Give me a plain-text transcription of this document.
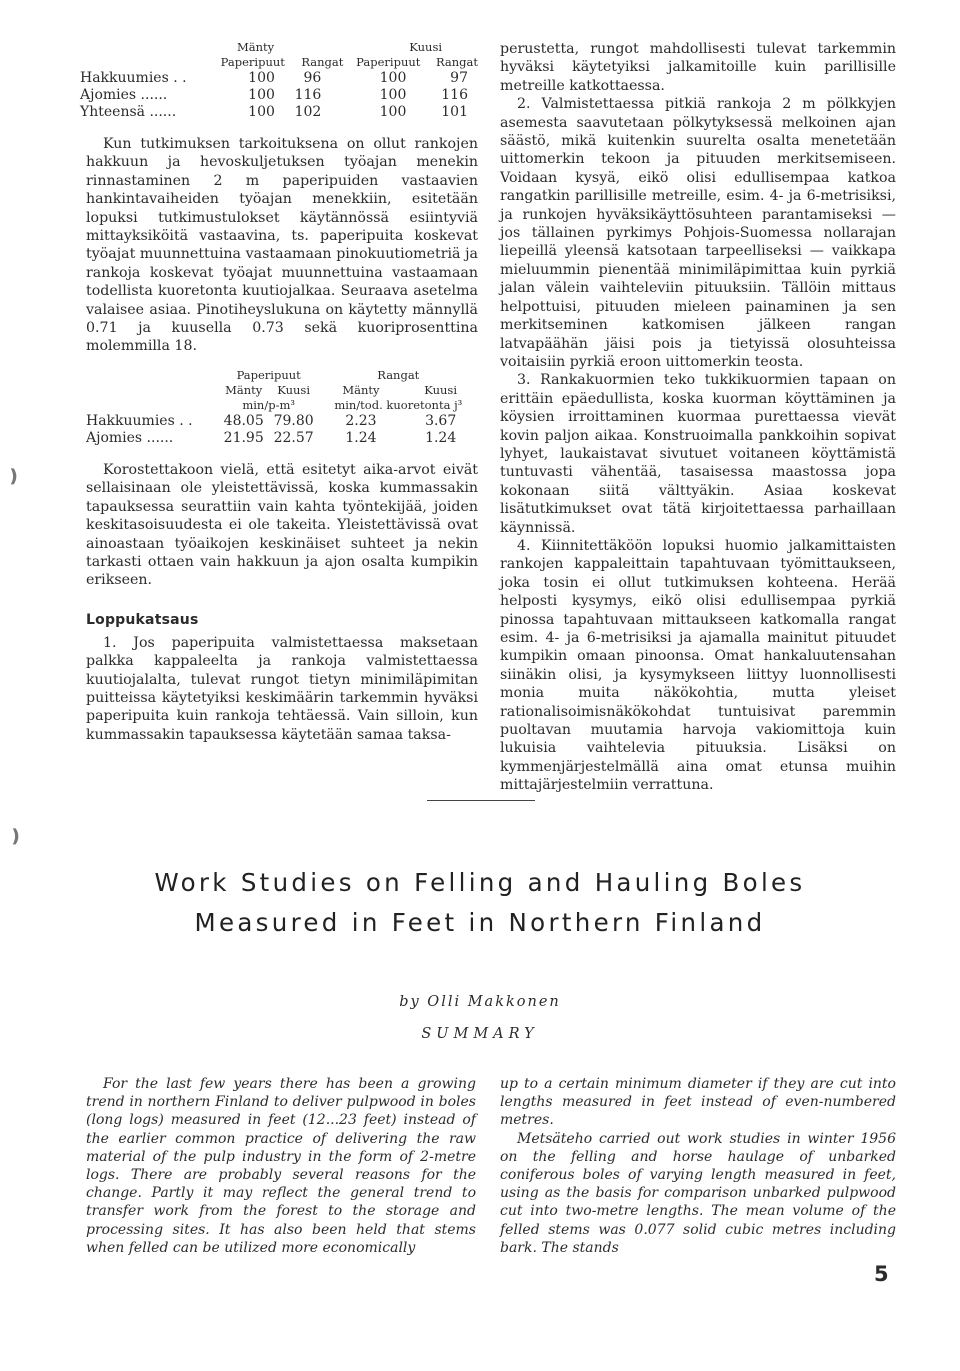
	Mänty		Kuusi	
	Paperipuut	Rangat	Paperipuut	Rangat
Hakkuumies . .	100	96	100	97
Ajomies ......	100	116	100	116
Yhteensä ......	100	102	100	101

Kun tutkimuksen tarkoituksena on ollut rankojen hakkuun ja hevoskuljetuksen työajan menekin rinnastaminen 2 m paperipuiden vastaavien hankintavaiheiden työajan menekkiin, esitetään lopuksi tutkimustulokset käytännössä esiintyviä mittayksiköitä vastaavina, ts. paperipuita koskevat työajat muunnettuina vastaamaan pinokuutiometriä ja rankoja koskevat työajat muunnettuina vastaamaan todellista kuoretonta kuutiojalkaa. Seuraava asetelma valaisee asiaa. Pinotiheyslukuna on käytetty männyllä 0.71 ja kuusella 0.73 sekä kuoriprosenttina molemmilla 18.

	Paperipuut		Rangat	
	Mänty	Kuusi	Mänty	Kuusi
	min/p-m³		min/tod. kuoretonta j³	
Hakkuumies . .	48.05	79.80	2.23	3.67
Ajomies ......	21.95	22.57	1.24	1.24

Korostettakoon vielä, että esitetyt aika-arvot eivät sellaisinaan ole yleistettävissä, koska kummassakin tapauksessa seurattiin vain kahta työntekijää, joiden keskitasoisuudesta ei ole takeita. Yleistettävissä ovat ainoastaan työaikojen keskinäiset suhteet ja nekin tarkasti ottaen vain hakkuun ja ajon osalta kumpikin erikseen.

Loppukatsaus

1. Jos paperipuita valmistettaessa maksetaan palkka kappaleelta ja rankoja valmistettaessa kuutiojalalta, tulevat rungot tietyn minimiläpimitan puitteissa käytetyiksi keskimäärin tarkemmin hyväksi paperipuita kuin rankoja tehtäessä. Vain silloin, kun kummassakin tapauksessa käytetään samaa taksa-

perustetta, rungot mahdollisesti tulevat tarkemmin hyväksi käytetyiksi jalkamitoille kuin parillisille metreille katkottaessa.

2. Valmistettaessa pitkiä rankoja 2 m pölkkyjen asemesta saavutetaan pölkytyksessä melkoinen ajan säästö, mikä kuitenkin suurelta osalta menetetään uittomerkin tekoon ja pituuden merkitsemiseen. Voidaan kysyä, eikö olisi edullisempaa katkoa rangatkin parillisille metreille, esim. 4- ja 6-metrisiksi, ja runkojen hyväksikäyttösuhteen parantamiseksi — jos tällainen pyrkimys Pohjois-Suomessa nollarajan liepeillä yleensä katsotaan tarpeelliseksi — vaikkapa mieluummin pienentää minimiläpimittaa kuin pyrkiä jalan välein vaihteleviin pituuksiin. Tällöin mittaus helpottuisi, pituuden mieleen painaminen ja sen merkitseminen katkomisen jälkeen rangan latvapäähän jäisi pois ja tietyissä olosuhteissa voitaisiin pyrkiä eroon uittomerkin teosta.

3. Rankakuormien teko tukkikuormien tapaan on erittäin epäedullista, koska kuorman köyttäminen ja köysien irroittaminen kuormaa purettaessa vievät kovin paljon aikaa. Konstruoimalla pankkoihin sopivat lyhyet, laukaistavat sivutuet voitaneen köyttämistä tuntuvasti vähentää, tasaisessa maastossa jopa kokonaan siitä välttyäkin. Asiaa koskevat lisätutkimukset ovat tätä kirjoitettaessa parhaillaan käynnissä.

4. Kiinnitettäköön lopuksi huomio jalkamittaisten rankojen kappaleittain tapahtuvaan työmittaukseen, joka tosin ei ollut tutkimuksen kohteena. Herää helposti kysymys, eikö olisi edullisempaa pyrkiä pinossa tapahtuvaan mittaukseen katkomalla rangat esim. 4- ja 6-metrisiksi ja ajamalla mainitut pituudet kumpikin omaan pinoonsa. Omat hankaluutensahan siinäkin olisi, ja kysymykseen liittyy luonnollisesti monia muita näkökohtia, mutta yleiset rationalisoimisnäkökohdat tuntuisivat paremmin puoltavan muutamia harvoja vakiomittoja kuin lukuisia vaihtelevia pituuksia. Lisäksi on kymmenjärjestelmällä aina omat etunsa muihin mittajärjestelmiin verrattuna.

Work Studies on Felling and Hauling Boles
Measured in Feet in Northern Finland
by Olli Makkonen
SUMMARY

For the last few years there has been a growing trend in northern Finland to deliver pulpwood in boles (long logs) measured in feet (12...23 feet) instead of the earlier common practice of delivering the raw material of the pulp industry in the form of 2-metre logs. There are probably several reasons for the change. Partly it may reflect the general trend to transfer work from the forest to the storage and processing sites. It has also been held that stems when felled can be utilized more economically

up to a certain minimum diameter if they are cut into lengths measured in feet instead of even-numbered metres.

Metsäteho carried out work studies in winter 1956 on the felling and horse haulage of unbarked coniferous boles of varying length measured in feet, using as the basis for comparison unbarked pulpwood cut into two-metre lengths. The mean volume of the felled stems was 0.077 solid cubic metres including bark. The stands

5
❫
❫
